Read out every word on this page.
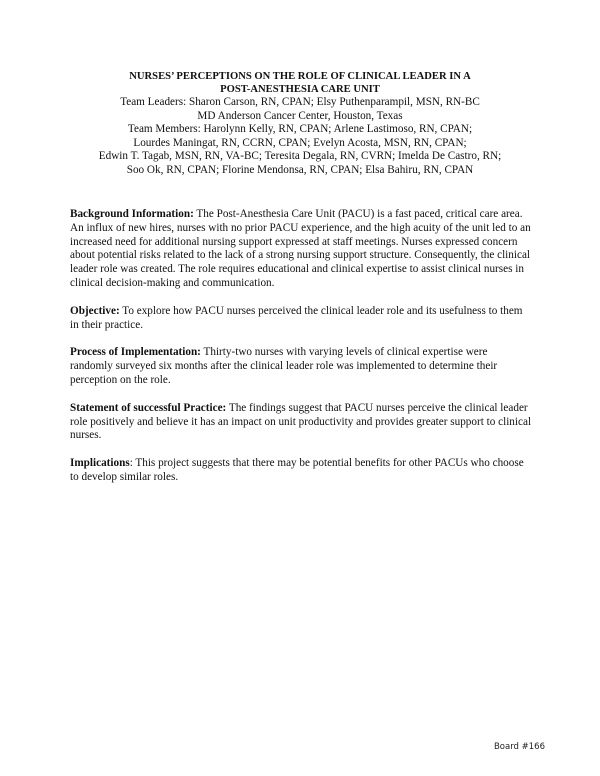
NURSES’ PERCEPTIONS ON THE ROLE OF CLINICAL LEADER IN A
POST-ANESTHESIA CARE UNIT
Team Leaders: Sharon Carson, RN, CPAN; Elsy Puthenparampil, MSN, RN-BC
MD Anderson Cancer Center, Houston, Texas
Team Members: Harolynn Kelly, RN, CPAN; Arlene Lastimoso, RN, CPAN;
Lourdes Maningat, RN, CCRN, CPAN; Evelyn Acosta, MSN, RN, CPAN;
Edwin T. Tagab, MSN, RN, VA-BC; Teresita Degala, RN, CVRN; Imelda De Castro, RN;
Soo Ok, RN, CPAN; Florine Mendonsa, RN, CPAN; Elsa Bahiru, RN, CPAN

Background Information: The Post-Anesthesia Care Unit (PACU) is a fast paced, critical care area. An influx of new hires, nurses with no prior PACU experience, and the high acuity of the unit led to an increased need for additional nursing support expressed at staff meetings. Nurses expressed concern about potential risks related to the lack of a strong nursing support structure. Consequently, the clinical leader role was created. The role requires educational and clinical expertise to assist clinical nurses in clinical decision-making and communication.

Objective: To explore how PACU nurses perceived the clinical leader role and its usefulness to them in their practice.

Process of Implementation: Thirty-two nurses with varying levels of clinical expertise were randomly surveyed six months after the clinical leader role was implemented to determine their perception on the role.

Statement of successful Practice: The findings suggest that PACU nurses perceive the clinical leader role positively and believe it has an impact on unit productivity and provides greater support to clinical nurses.

Implications: This project suggests that there may be potential benefits for other PACUs who choose to develop similar roles.

Board #166
